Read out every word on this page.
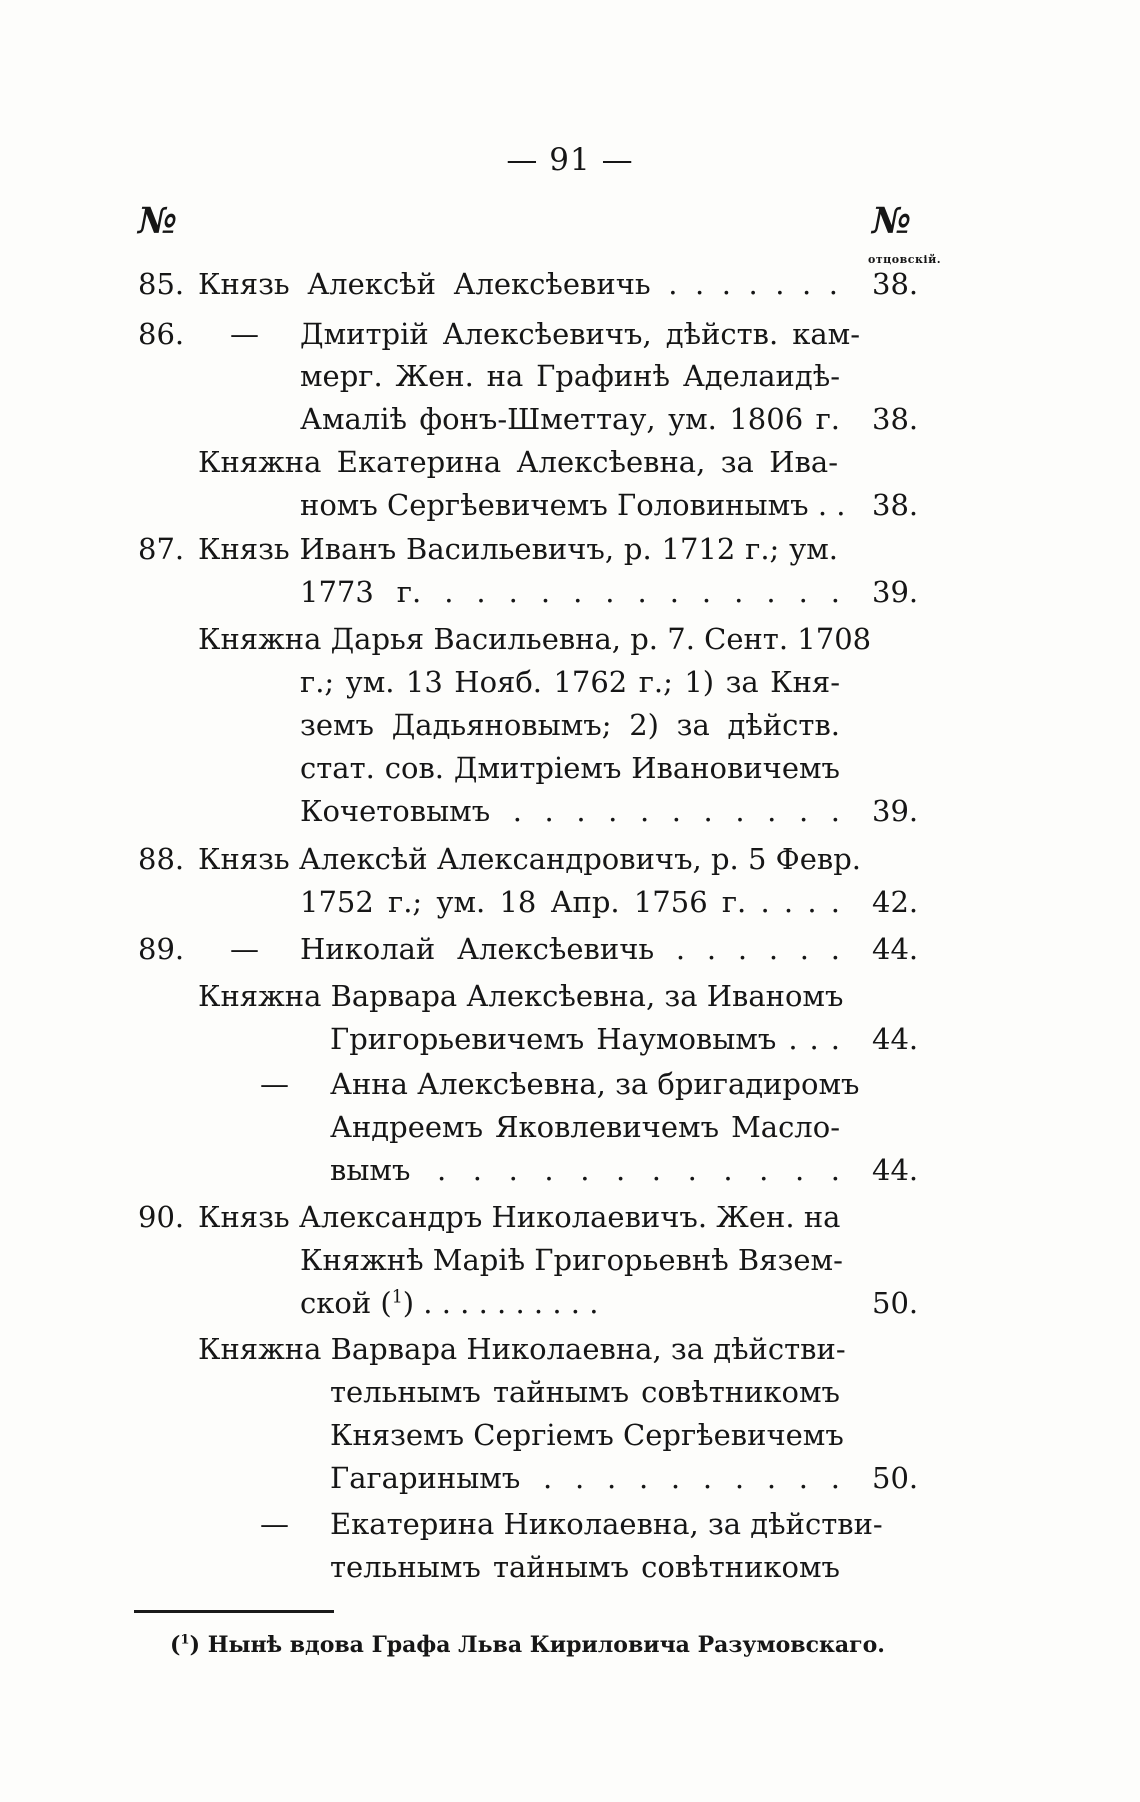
— 91 —
№	№
отцовскій.
85. Князь Алексѣй Алексѣевичь . . . . . . . 38.
86. — Дмитрій Алексѣевичъ, дѣйств. кам-
мерг. Жен. на Графинѣ Аделаидѣ-
Амаліѣ фонъ-Шметтау, ум. 1806 г. 38.
Княжна Екатерина Алексѣевна, за Ива-
номъ Сергѣевичемъ Головинымъ . . 38.
87. Князь Иванъ Васильевичъ, р. 1712 г.; ум.
1773 г. . . . . . . . . . . . . . 39.
Княжна Дарья Васильевна, р. 7. Сент. 1708
г.; ум. 13 Нояб. 1762 г.; 1) за Кня-
земъ Дадьяновымъ; 2) за дѣйств.
стат. сов. Дмитріемъ Ивановичемъ
Кочетовымъ . . . . . . . . . . . 39.
88. Князь Алексѣй Александровичъ, р. 5 Февр.
1752 г.; ум. 18 Апр. 1756 г. . . . . 42.
89. — Николай Алексѣевичь . . . . . . 44.
Княжна Варвара Алексѣевна, за Иваномъ
Григорьевичемъ Наумовымъ . . . 44.
— Анна Алексѣевна, за бригадиромъ
Андреемъ Яковлевичемъ Масло-
вымъ . . . . . . . . . . . . 44.
90. Князь Александръ Николаевичъ. Жен. на
Княжнѣ Маріѣ Григорьевнѣ Вязем-
ской ($^1$) . . . . . . . . . .	50.
Княжна Варвара Николаевна, за дѣйстви-
тельнымъ тайнымъ совѣтникомъ
Княземъ Сергіемъ Сергѣевичемъ
Гагаринымъ . . . . . . . . . . 50.
— Екатерина Николаевна, за дѣйстви-
тельнымъ тайнымъ совѣтникомъ
($^1$) Нынѣ вдова Графа Льва Кириловича Разумовскаго.
